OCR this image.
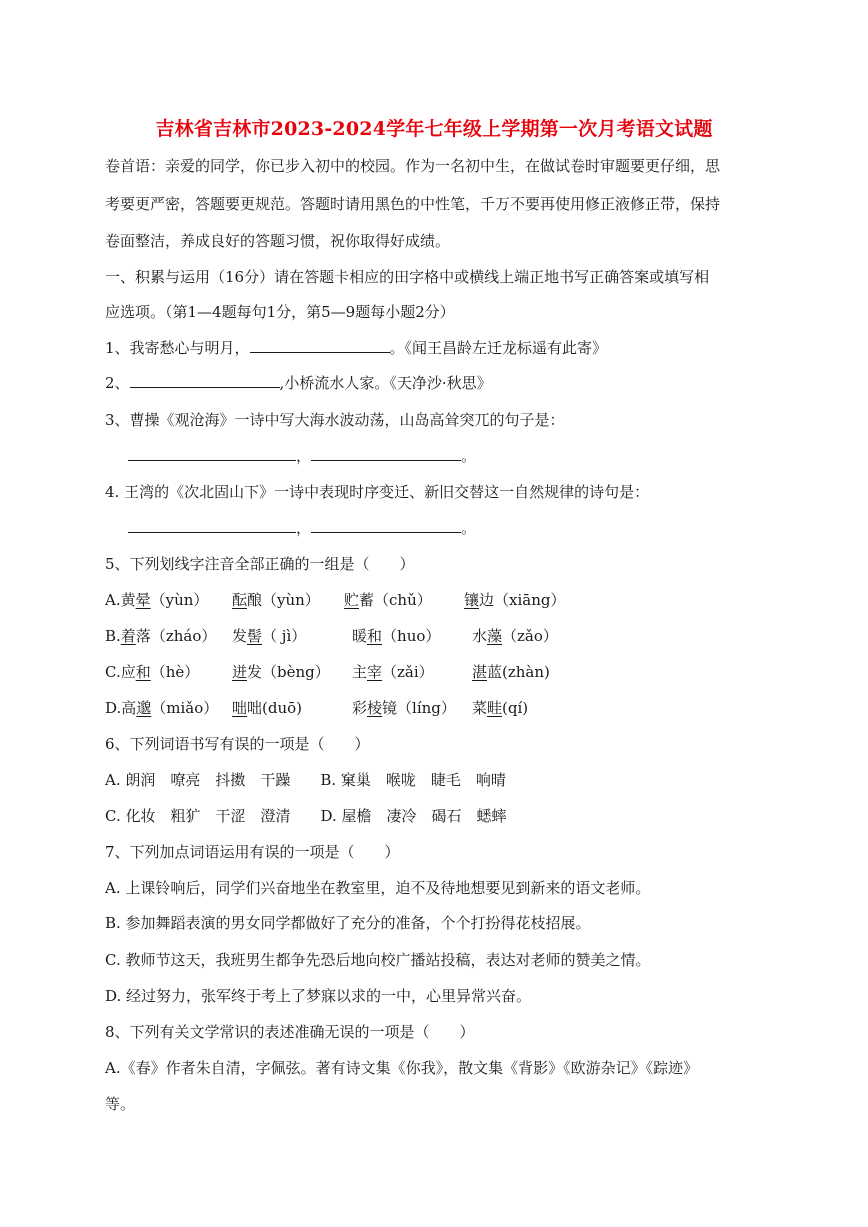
吉林省吉林市2023-2024学年七年级上学期第一次月考语文试题
卷首语：亲爱的同学，你已步入初中的校园。作为一名初中生，在做试卷时审题要更仔细，思
考要更严密，答题要更规范。答题时请用黑色的中性笔，千万不要再使用修正液修正带，保持
卷面整洁，养成良好的答题习惯，祝你取得好成绩。
一、积累与运用（16分）请在答题卡相应的田字格中或横线上端正地书写正确答案或填写相
应选项。（第1—4题每句1分，第5—9题每小题2分）
1、我寄愁心与明月，	。《闻王昌龄左迁龙标遥有此寄》
2、	,小桥流水人家。《天净沙·秋思》
3、曹操《观沧海》一诗中写大海水波动荡，山岛高耸突兀的句子是：
，	。
4. 王湾的《次北固山下》一诗中表现时序变迁、新旧交替这一自然规律的诗句是：
，	。
5、下列划线字注音全部正确的一组是（　　）
A.黄晕（yùn） 酝酿（yùn） 贮蓄（chǔ） 镶边（xiāng）
B.着落（zháo） 发髻（ jì）	暖和（huo） 水藻（zǎo）
C.应和（hè） 迸发（bèng） 主宰（zǎi）	湛蓝(zhàn)
D.高邈（miǎo） 咄咄(duō)	彩棱镜（líng） 菜畦(qí)
6、下列词语书写有误的一项是（　　）
A. 朗润　嘹亮　抖擞　干躁　　B. 窠巢　喉咙　睫毛　响晴
C. 化妆　粗犷　干涩　澄清　　D. 屋檐　凄冷　碣石　蟋蟀
7、下列加点词语运用有误的一项是（　　）
A. 上课铃响后，同学们兴奋地坐在教室里，迫不及待地想要见到新来的语文老师。
B. 参加舞蹈表演的男女同学都做好了充分的准备，个个打扮得花枝招展。
C. 教师节这天，我班男生都争先恐后地向校广播站投稿，表达对老师的赞美之情。
D. 经过努力，张军终于考上了梦寐以求的一中，心里异常兴奋。
8、下列有关文学常识的表述准确无误的一项是（　　）
A.《春》作者朱自清，字佩弦。著有诗文集《你我》，散文集《背影》《欧游杂记》《踪迹》
等。
